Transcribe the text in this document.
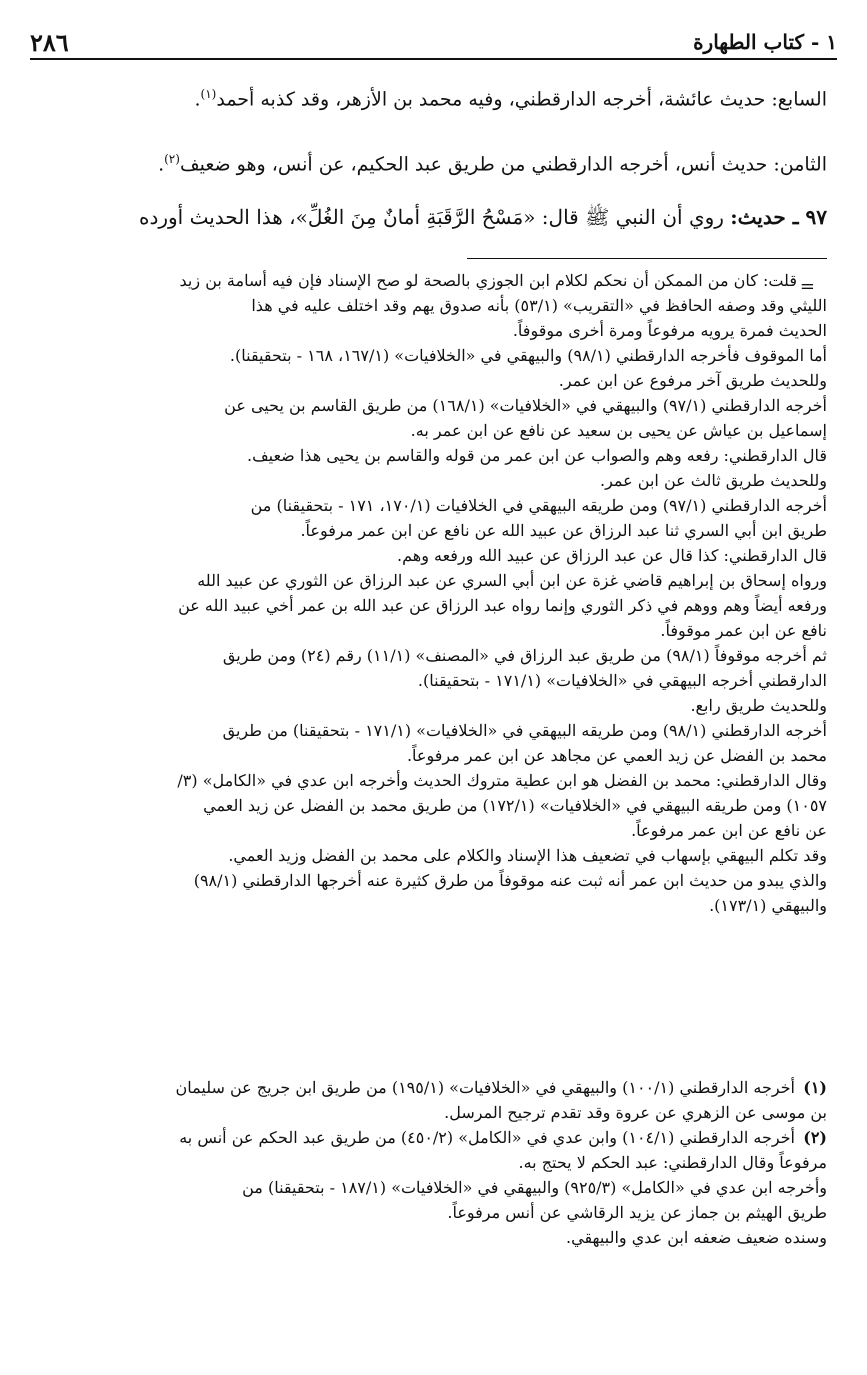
١ - كتاب الطهارة
٢٨٦

السابع: حديث عائشة، أخرجه الدارقطني، وفيه محمد بن الأزهر، وقد كذبه أحمد$^{(١)}$.

الثامن: حديث أنس، أخرجه الدارقطني من طريق عبد الحكيم، عن أنس، وهو ضعيف$^{(٢)}$.

٩٧ ـ حديث: روي أن النبي ﷺ قال: «مَسْحُ الرَّقَبَةِ أمانٌ مِنَ الغُلِّ»، هذا الحديث أورده

=

قلت: كان من الممكن أن نحكم لكلام ابن الجوزي بالصحة لو صح الإسناد فإن فيه أسامة بن زيد

الليثي وقد وصفه الحافظ في «التقريب» (٥٣/١) بأنه صدوق يهم وقد اختلف عليه في هذا

الحديث فمرة يرويه مرفوعاً ومرة أخرى موقوفاً.

أما الموقوف فأخرجه الدارقطني (٩٨/١) والبيهقي في «الخلافيات» (١٦٧/١، ١٦٨ - بتحقيقنا).

وللحديث طريق آخر مرفوع عن ابن عمر.

أخرجه الدارقطني (٩٧/١) والبيهقي في «الخلافيات» (١٦٨/١) من طريق القاسم بن يحيى عن

إسماعيل بن عياش عن يحيى بن سعيد عن نافع عن ابن عمر به.

قال الدارقطني: رفعه وهم والصواب عن ابن عمر من قوله والقاسم بن يحيى هذا ضعيف.

وللحديث طريق ثالث عن ابن عمر.

أخرجه الدارقطني (٩٧/١) ومن طريقه البيهقي في الخلافيات (١٧٠/١، ١٧١ - بتحقيقنا) من

طريق ابن أبي السري ثنا عبد الرزاق عن عبيد الله عن نافع عن ابن عمر مرفوعاً.

قال الدارقطني: كذا قال عن عبد الرزاق عن عبيد الله ورفعه وهم.

ورواه إسحاق بن إبراهيم قاضي غزة عن ابن أبي السري عن عبد الرزاق عن الثوري عن عبيد الله

ورفعه أيضاً وهم ووهم في ذكر الثوري وإنما رواه عبد الرزاق عن عبد الله بن عمر أخي عبيد الله عن

نافع عن ابن عمر موقوفاً.

ثم أخرجه موقوفاً (٩٨/١) من طريق عبد الرزاق في «المصنف» (١١/١) رقم (٢٤) ومن طريق

الدارقطني أخرجه البيهقي في «الخلافيات» (١٧١/١ - بتحقيقنا).

وللحديث طريق رابع.

أخرجه الدارقطني (٩٨/١) ومن طريقه البيهقي في «الخلافيات» (١٧١/١ - بتحقيقنا) من طريق

محمد بن الفضل عن زيد العمي عن مجاهد عن ابن عمر مرفوعاً.

وقال الدارقطني: محمد بن الفضل هو ابن عطية متروك الحديث وأخرجه ابن عدي في «الكامل» (٣/

١٠٥٧) ومن طريقه البيهقي في «الخلافيات» (١٧٢/١) من طريق محمد بن الفضل عن زيد العمي

عن نافع عن ابن عمر مرفوعاً.

وقد تكلم البيهقي بإسهاب في تضعيف هذا الإسناد والكلام على محمد بن الفضل وزيد العمي.

والذي يبدو من حديث ابن عمر أنه ثبت عنه موقوفاً من طرق كثيرة عنه أخرجها الدارقطني (٩٨/١)

والبيهقي (١٧٣/١).

(١)أخرجه الدارقطني (١٠٠/١) والبيهقي في «الخلافيات» (١٩٥/١) من طريق ابن جريج عن سليمان

بن موسى عن الزهري عن عروة وقد تقدم ترجيح المرسل.

(٢)أخرجه الدارقطني (١٠٤/١) وابن عدي في «الكامل» (٤٥٠/٢) من طريق عبد الحكم عن أنس به

مرفوعاً وقال الدارقطني: عبد الحكم لا يحتج به.

وأخرجه ابن عدي في «الكامل» (٩٢٥/٣) والبيهقي في «الخلافيات» (١٨٧/١ - بتحقيقنا) من

طريق الهيثم بن جماز عن يزيد الرقاشي عن أنس مرفوعاً.

وسنده ضعيف ضعفه ابن عدي والبيهقي.
